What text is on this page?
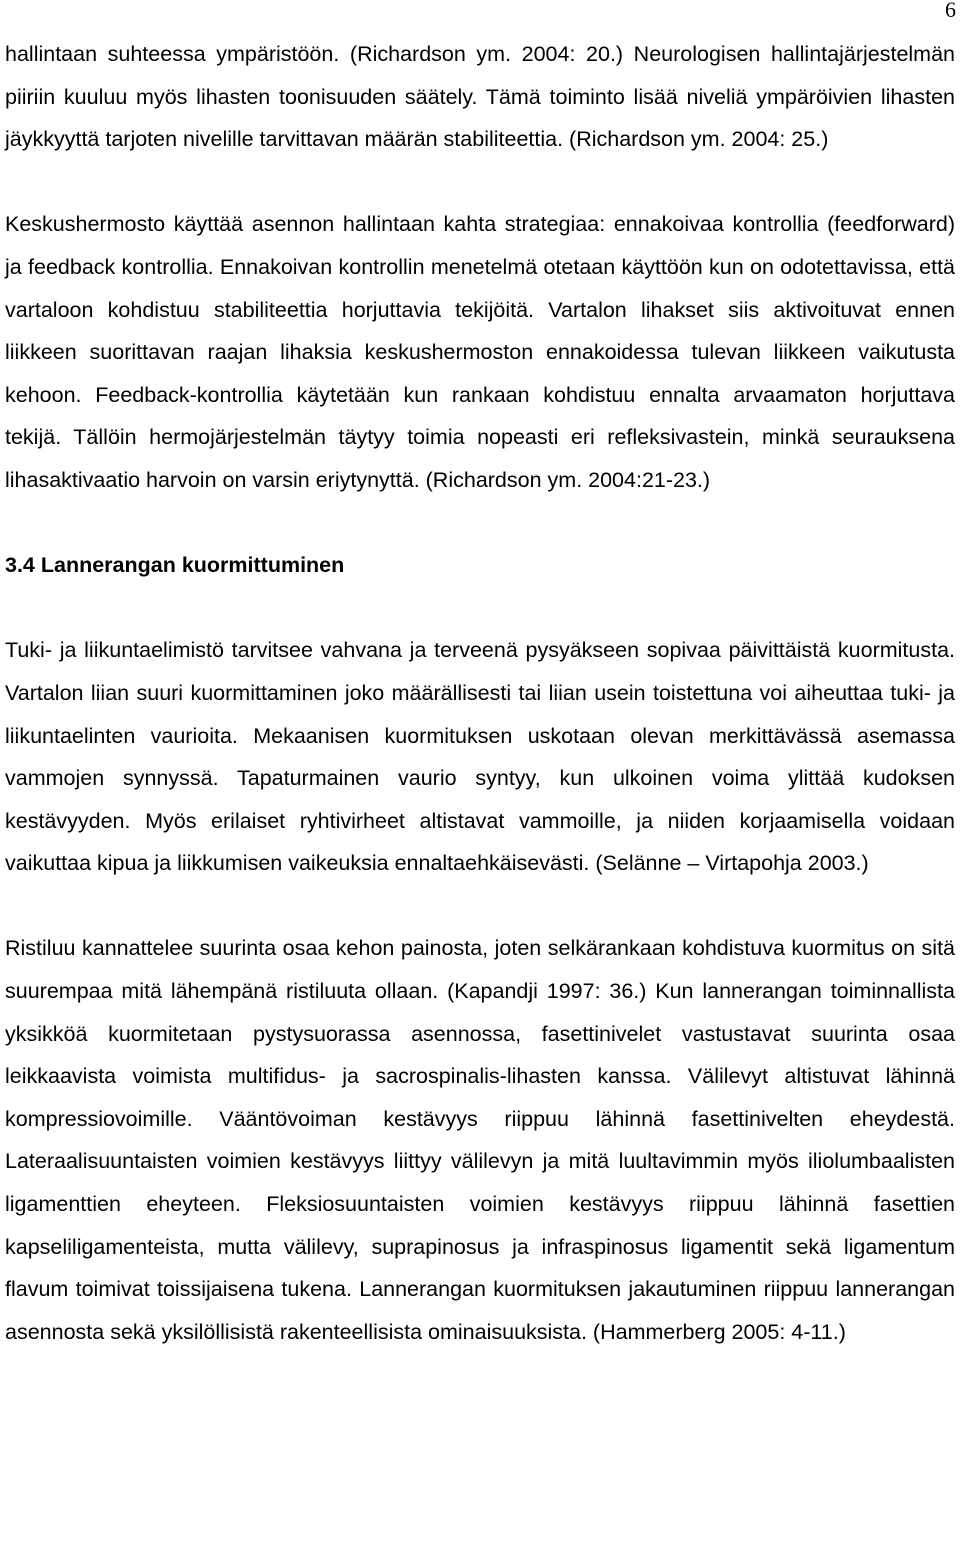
6

hallintaan suhteessa ympäristöön. (Richardson ym. 2004: 20.) Neurologisen hallintajärjestelmän piiriin kuuluu myös lihasten toonisuuden säätely. Tämä toiminto lisää niveliä ympäröivien lihasten jäykkyyttä tarjoten nivelille tarvittavan määrän stabiliteettia. (Richardson ym. 2004: 25.)

Keskushermosto käyttää asennon hallintaan kahta strategiaa: ennakoivaa kontrollia (feedforward) ja feedback kontrollia. Ennakoivan kontrollin menetelmä otetaan käyttöön kun on odotettavissa, että vartaloon kohdistuu stabiliteettia horjuttavia tekijöitä. Vartalon lihakset siis aktivoituvat ennen liikkeen suorittavan raajan lihaksia keskushermoston ennakoidessa tulevan liikkeen vaikutusta kehoon. Feedback-kontrollia käytetään kun rankaan kohdistuu ennalta arvaamaton horjuttava tekijä. Tällöin hermojärjestelmän täytyy toimia nopeasti eri refleksivastein, minkä seurauksena lihasaktivaatio harvoin on varsin eriytynyttä. (Richardson ym. 2004:21-23.)

3.4 Lannerangan kuormittuminen

Tuki- ja liikuntaelimistö tarvitsee vahvana ja terveenä pysyäkseen sopivaa päivittäistä kuormitusta. Vartalon liian suuri kuormittaminen joko määrällisesti tai liian usein toistettuna voi aiheuttaa tuki- ja liikuntaelinten vaurioita. Mekaanisen kuormituksen uskotaan olevan merkittävässä asemassa vammojen synnyssä. Tapaturmainen vaurio syntyy, kun ulkoinen voima ylittää kudoksen kestävyyden. Myös erilaiset ryhtivirheet altistavat vammoille, ja niiden korjaamisella voidaan vaikuttaa kipua ja liikkumisen vaikeuksia ennaltaehkäisevästi. (Selänne – Virtapohja 2003.)

Ristiluu kannattelee suurinta osaa kehon painosta, joten selkärankaan kohdistuva kuormitus on sitä suurempaa mitä lähempänä ristiluuta ollaan. (Kapandji 1997: 36.) Kun lannerangan toiminnallista yksikköä kuormitetaan pystysuorassa asennossa, fasettinivelet vastustavat suurinta osaa leikkaavista voimista multifidus- ja sacrospinalis-lihasten kanssa. Välilevyt altistuvat lähinnä kompressiovoimille. Vääntövoiman kestävyys riippuu lähinnä fasettinivelten eheydestä. Lateraalisuuntaisten voimien kestävyys liittyy välilevyn ja mitä luultavimmin myös iliolumbaalisten ligamenttien eheyteen. Fleksiosuuntaisten voimien kestävyys riippuu lähinnä fasettien kapseliligamenteista, mutta välilevy, suprapinosus ja infraspinosus ligamentit sekä ligamentum flavum toimivat toissijaisena tukena. Lannerangan kuormituksen jakautuminen riippuu lannerangan asennosta sekä yksilöllisistä rakenteellisista ominaisuuksista. (Hammerberg 2005: 4-11.)
